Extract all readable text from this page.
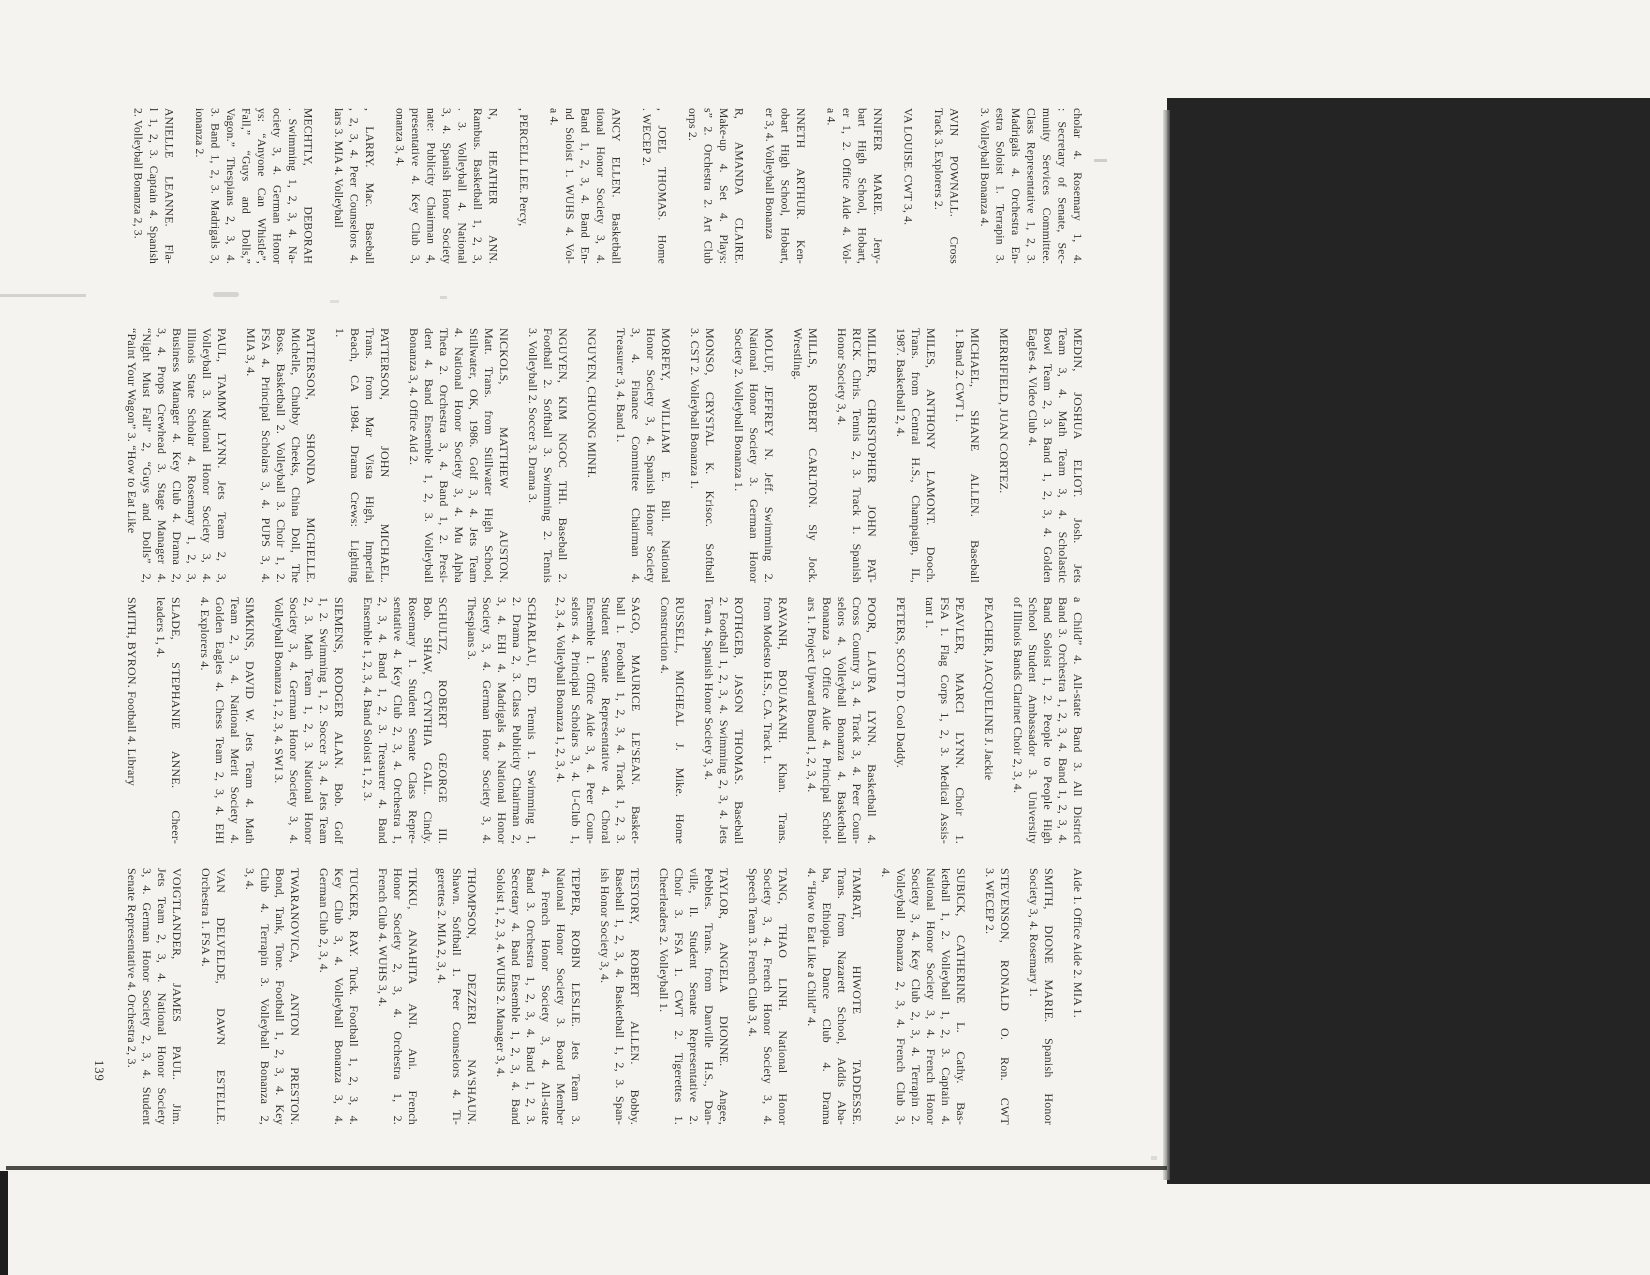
cholar 4. Rosemary 1, 4.
: Secretary of Senate, Sec-
munity Services Committee.
Class Representative 1, 2, 3.
Madrigals 4. Orchestra En-
estra Soloist 1. Terrapin 3.
3. Volleyball Bonanza 4.
AVIN POWNALL. Cross
Track 3. Explorers 2.
VA LOUISE. CWT 3, 4.
NNIFER MARIE. Jeny-
bart High School, Hobart,
er 1, 2. Office Aide 4. Vol-
a 4.
NNETH ARTHUR. Ken-
obart High School, Hobart,
er 3, 4. Volleyball Bonanza
R, AMANDA CLAIRE.
Make-up 4. Set 4. Plays:
s” 2. Orchestra 2. Art Club
orps 2.
, JOEL THOMAS. Home
. WECEP 2.
ANCY ELLEN. Basketball
tional Honor Society 3, 4.
Band 1, 2, 3, 4. Band En-
nd Soloist 1. WUHS 4. Vol-
a 4.
, PERCELL LEE. Percy,
N, HEATHER ANN.
Rambus. Basketball 1, 2, 3,
. 3. Volleyball 4. National
3, 4. Spanish Honor Society
nate: Publicity Chairman 4,
presentative 4. Key Club 3,
onanza 3, 4.
, LARRY. Mac. Baseball
, 2, 3, 4. Peer Counselors 4.
lars 3. MIA 4. Volleyball
MECHTLY, DEBORAH
. Swimming 1, 2, 3, 4. Na-
ociety 3, 4. German Honor
ys: “Anyone Can Whistle”,
Fall,” “Guys and Dolls,”
Vagon.” Thespians 2, 3, 4.
3. Band 1, 2, 3. Madrigals 3,
ionanza 2.
ANIELLE LEANNE. Fla-
l 1, 2, 3. Captain 4. Spanish
2. Volleyball Bonanza 2, 3.
MEDIN, JOSHUA ELIOT. Josh. Jets
Team 3, 4. Math Team 3, 4. Scholastic
Bowl Team 2, 3. Band 1, 2, 3, 4. Golden
Eagles 4. Video Club 4.
MERRIFIELD, JUAN CORTEZ.
MICHAEL, SHANE ALLEN. Baseball
1. Band 2. CWT 1.
MILES, ANTHONY LAMONT. Dooch.
Trans. from Central H.S., Champaign, IL,
1987. Basketball 2, 4.
MILLER, CHRISTOPHER JOHN PAT-
RICK. Chris. Tennis 2, 3. Track 1. Spanish
Honor Society 3, 4.
MILLS, ROBERT CARLTON. Sly Jock.
Wrestling.
MOLUF, JEFFREY N. Jeff. Swimming 2.
National Honor Society 3. German Honor
Society 2. Volleyball Bonanza 1.
MONSO, CRYSTAL K. Krisoc. Softball
3. CST 2. Volleyball Bonanza 1.
MORFEY, WILLIAM E. Bill. National
Honor Society 3, 4. Spanish Honor Society
3, 4. Finance Committee Chairman 4.
Treasurer 3, 4. Band 1.
NGUYEN, CHUONG MINH.
NGUYEN, KIM NGOC THI. Baseball 2.
Football 2. Softball 3. Swimming 2. Tennis
3. Volleyball 2. Soccer 3. Drama 3.
NICKOLS, MATTHEW AUSTON.
Matt. Trans. from Stillwater High School,
Stillwater, OK, 1986. Golf 3, 4. Jets Team
4. National Honor Society 3, 4. Mu Alpha
Theta 2. Orchestra 3, 4. Band 1, 2. Presi-
dent 4. Band Ensemble 1, 2, 3. Volleyball
Bonanza 3, 4. Office Aid 2.
PATTERSON, JOHN MICHAEL.
Trans. from Mar Vista High, Imperial
Beach, CA 1984. Drama Crews: Lighting
1.
PATTERSON, SHONDA MICHELLE.
Michelle, Chubby Cheeks, China Doll, The
Boss. Basketball 2. Volleyball 3. Choir 1, 2.
FSA 4. Principal Scholars 3, 4. PUPS 3, 4.
MIA 3, 4.
PAUL, TAMMY LYNN. Jets Team 2, 3,
Volleyball 3. National Honor Society 3, 4.
Illinois State Scholar 4. Rosemary 1, 2, 3,
Business Manager 4. Key Club 4. Drama 2,
3, 4. Props Crewhead 3. Stage Manager 4.
“Night Must Fall” 2, “Guys and Dolls” 2,
“Paint Your Wagon” 3. “How to Eat Like
a Child” 4. All-state Band 3. All District
Band 3. Orchestra 1, 2, 3, 4. Band 1, 2, 3, 4.
Band Soloist 1, 2. People to People High
School Student Ambassador 3. University
of Illinois Bands Clarinet Choir 2, 3, 4.
PEACHER, JACQUELINE J. Jackie
PEAVLER, MARCI LYNN. Choir 1.
FSA 1. Flag Corps 1, 2, 3. Medical Assis-
tant 1.
PETERS, SCOTT D. Cool Daddy.
POOR, LAURA LYNN. Basketball 4.
Cross Country 3, 4. Track 3, 4. Peer Coun-
selors 4. Volleyball Bonanza 4. Basketball
Bonanza 3. Office Aide 4. Principal Schol-
ars 1. Project Upward Bound 1, 2, 3, 4.
RAVANH, BOUAKANH. Khan. Trans.
from Modesto H.S., CA. Track 1.
ROTHGEB, JASON THOMAS. Baseball
2. Football 1, 2, 3, 4. Swimming 2, 3, 4. Jets
Team 4. Spanish Honor Society 3, 4.
RUSSELL, MICHEAL J. Mike. Home
Construction 4.
SAGO, MAURICE LE'SEAN. Basket-
ball 1. Football 1, 2, 3, 4. Track 1, 2, 3.
Student Senate Representative 4. Choral
Ensemble 1. Office Aide 3, 4. Peer Coun-
selors 4. Principal Scholars 3, 4. U-Club 1,
2, 3, 4. Volleyball Bonanza 1, 2, 3, 4.
SCHARLAU, ED. Tennis 1. Swimming 1,
2. Drama 2, 3. Class Publicity Chairman 2,
3, 4. EHI 4. Madrigals 4. National Honor
Society 3, 4. German Honor Society 3, 4.
Thespians 3.
SCHULTZ, ROBERT GEORGE III.
Bob. SHAW, CYNTHIA GAIL. Cindy.
Rosemary 1. Student Senate Class Repre-
sentative 4. Key Club 2, 3, 4. Orchestra 1,
2, 3, 4. Band 1, 2, 3. Treasurer 4. Band
Ensemble 1, 2, 3, 4. Band Soloist 1, 2, 3.
SIEMENS, RODGER ALAN. Bob. Golf
1, 2. Swimming 1, 2. Soccer 3, 4. Jets Team
2, 3. Math Team 1, 2, 3. National Honor
Society 3, 4. German Honor Society 3, 4.
Volleyball Bonanza 1, 2, 3, 4. SWI 3.
SIMKINS, DAVID W. Jets Team 4. Math
Team 2, 3, 4. National Merit Society 4.
Golden Eagles 4. Chess Team 2, 3, 4. EHI
4. Explorers 4.
SLADE, STEPHANIE ANNE. Cheer-
leaders 1, 4.
SMITH, BYRON. Football 4. Library
Aide 1. Office Aide 2. MIA 1.
SMITH, DIONE MARIE. Spanish Honor
Society 3, 4. Rosemary 1.
STEVENSON, RONALD O. Ron. CWT
3. WECEP 2.
SUBICK, CATHERINE L. Cathy. Bas-
ketball 1, 2. Volleyball 1, 2, 3. Captain 4.
National Honor Society 3, 4. French Honor
Society 3, 4. Key Club 2, 3, 4. Terrapin 2.
Volleyball Bonanza 2, 3, 4. French Club 3,
4.
TAMRAT, HIWOTE TADDESSE.
Trans. from Nazarett School, Addis Aba-
ba, Ethiopia. Dance Club 4. Drama
4. “How to Eat Like a Child” 4.
TANG, THAO LINH. National Honor
Society 3, 4. French Honor Society 3, 4.
Speech Team 3. French Club 3, 4.
TAYLOR, ANGELA DIONNE. Angee,
Pebbles. Trans. from Danville H.S., Dan-
ville, Il. Student Senate Representative 2.
Choir 3. FSA 1. CWT 2. Tigerettes 1.
Cheerleaders 2. Volleyball 1.
TESTORY, ROBERT ALLEN. Bobby.
Baseball 1, 2, 3, 4. Basketball 1, 2, 3. Span-
ish Honor Society 3, 4.
TEPPER, ROBIN LESLIE. Jets Team 3.
National Honor Society 3. Board Member
4. French Honor Society 3, 4. All-state
Band 3. Orchestra 1, 2, 3, 4. Band 1, 2, 3.
Secretary 4. Band Ensemble 1, 2, 3, 4. Band
Soloist 1, 2, 3, 4. WUHS 2. Manager 3, 4.
THOMPSON, DEZZERI NA'SHAUN.
Shawn. Softball 1. Peer Counselors 4. Ti-
gerettes 2. MIA 2, 3, 4.
TIKKU, ANAHITA ANI. Ani. French
Honor Society 2, 3, 4. Orchestra 1, 2.
French Club 4. WUHS 3, 4.
TUCKER, RAY. Tuck. Football 1, 2, 3, 4.
Key Club 3, 4. Volleyball Bonanza 3, 4.
German Club 2, 3, 4.
TWARANOVICA, ANTON PRESTON.
Bond, Tank, Tone. Football 1, 2, 3, 4. Key
Club 4. Terrapin 3. Volleyball Bonanza 2,
3, 4.
VAN DELVELDE, DAWN ESTELLE.
Orchestra 1. FSA 4.
VOIGTLANDER, JAMES PAUL. Jim.
Jets Team 2, 3, 4. National Honor Society
3, 4. German Honor Society 2, 3, 4. Student
Senate Representative 4. Orchestra 2, 3.
139
